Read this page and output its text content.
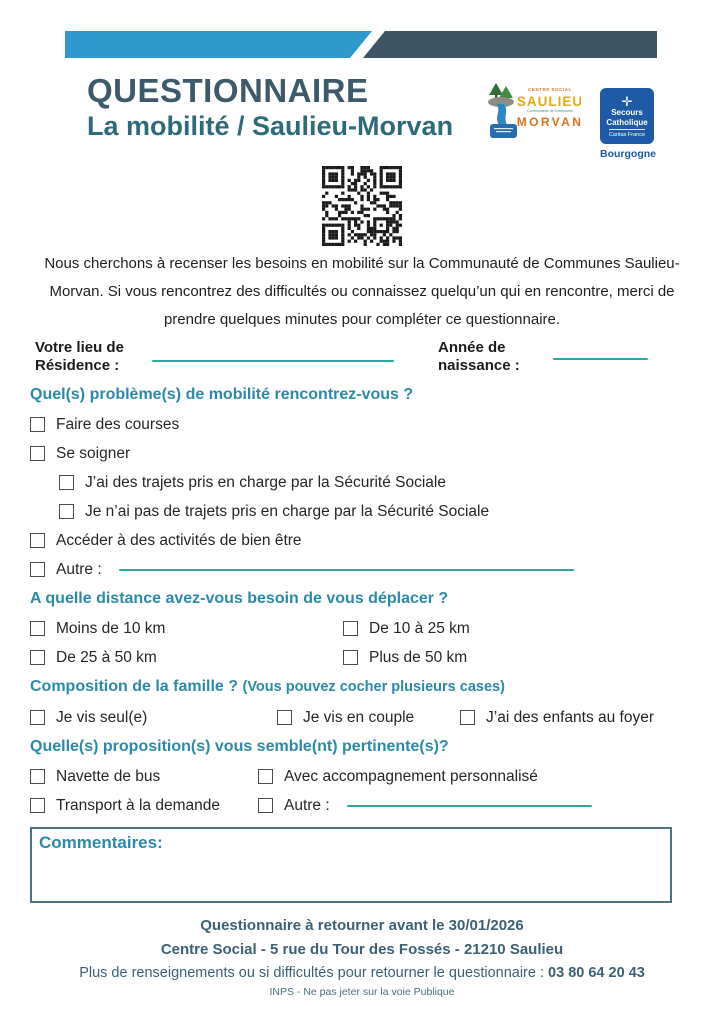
QUESTIONNAIRE
La mobilité / Saulieu-Morvan
CENTRE SOCIAL
SAULIEU
Communauté de Communes
MORVAN
✛
Secours
Catholique
Caritas France
Bourgogne
Nous cherchons à recenser les besoins en mobilité sur la Communauté de Communes Saulieu-Morvan. Si vous rencontrez des difficultés ou connaissez quelqu’un qui en rencontre, merci de prendre quelques minutes pour compléter ce questionnaire.
Votre lieu de
Résidence :
Année de
naissance :

Quel(s) problème(s) de mobilité rencontrez-vous ?

Faire des courses
Se soigner
J’ai des trajets pris en charge par la Sécurité Sociale
Je n’ai pas de trajets pris en charge par la Sécurité Sociale
Accéder à des activités de bien être
Autre :

A quelle distance avez-vous besoin de vous déplacer ?

Moins de 10 km	De 10 à 25 km
De 25 à 50 km	Plus de 50 km

Composition de la famille ? (Vous pouvez cocher plusieurs cases)

Je vis seul(e)	Je vis en couple	J’ai des enfants au foyer

Quelle(s) proposition(s) vous semble(nt) pertinente(s)?

Navette de bus	Avec accompagnement personnalisé
Transport à la demande	Autre :
Commentaires:
Questionnaire à retourner avant le 30/01/2026
Centre Social - 5 rue du Tour des Fossés - 21210 Saulieu
Plus de renseignements ou si difficultés pour retourner le questionnaire : 03 80 64 20 43
INPS - Ne pas jeter sur la voie Publique
